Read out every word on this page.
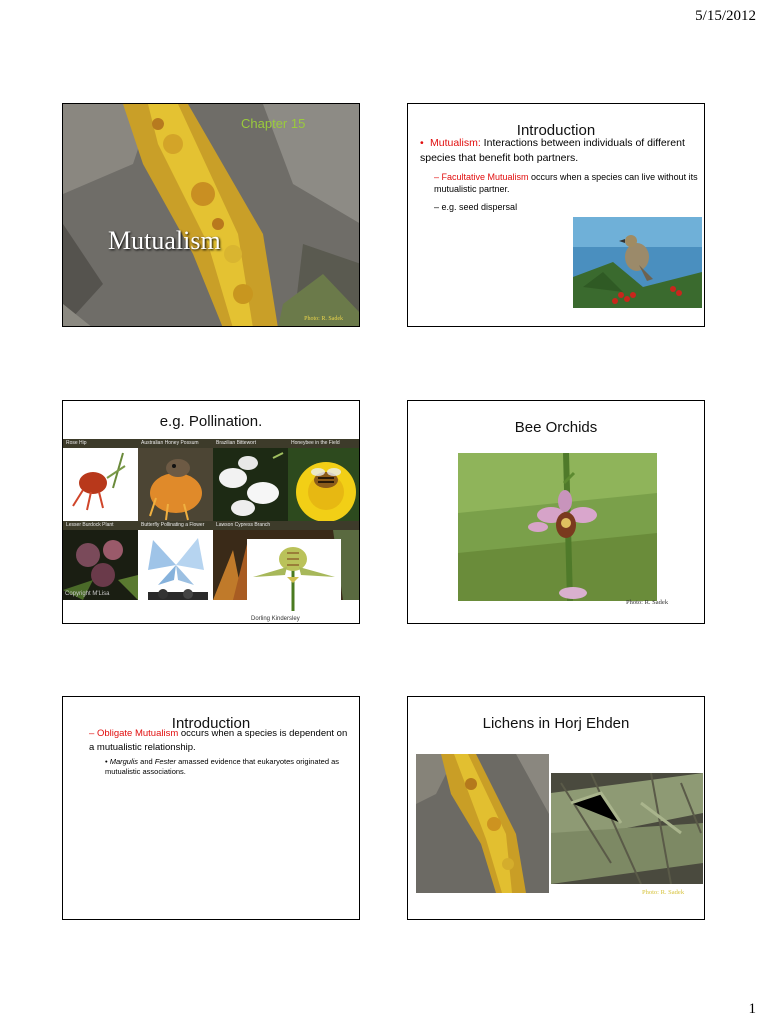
5/15/2012
Chapter 15
Mutualism
Photo: R. Sadek
Introduction
• Mutualism: Interactions between individuals of different species that benefit both partners.
– Facultative Mutualism occurs when a species can live without its mutualistic partner.
– e.g. seed dispersal
e.g. Pollination.
Rose Hip	Australian Honey Possum	Brazilian Bittewort	Honeybee in the Field
Lesser Burdock Plant	Butterfly Pollinating a Flower	Lawson Cypress Branch
Copyright M'Lisa
Dorling Kindersley
Bee Orchids
Photo: R. Sadek
Introduction
– Obligate Mutualism occurs when a species is dependent on a mutualistic relationship.
• Margulis and Fester amassed evidence that eukaryotes originated as mutualistic associations.
Lichens in Horj Ehden
Photo: R. Sadek
1
